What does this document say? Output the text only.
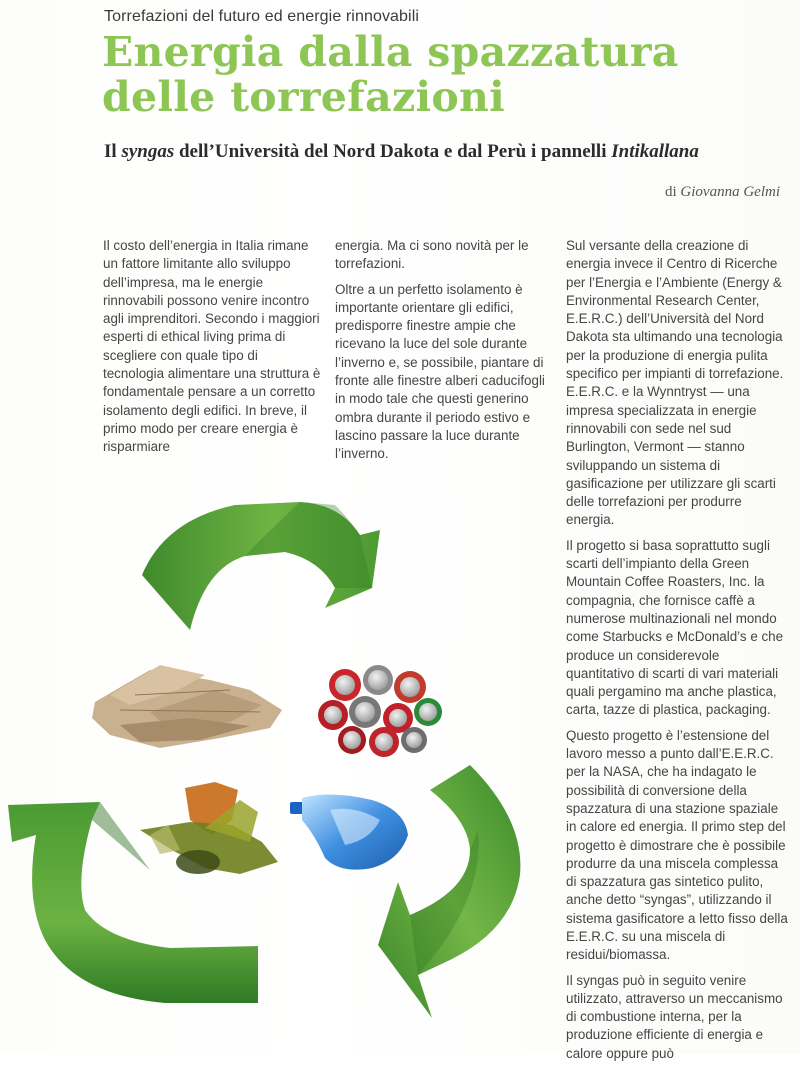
Torrefazioni del futuro ed energie rinnovabili
Energia dalla spazzatura
delle torrefazioni
Il syngas dell’Università del Nord Dakota e dal Perù i pannelli Intikallana
di Giovanna Gelmi

Il costo dell’energia in Italia rimane un fattore limitante allo sviluppo dell’impresa, ma le energie rinnovabili possono venire incontro agli imprenditori. Secondo i maggiori esperti di ethical living prima di scegliere con quale tipo di tecnologia alimentare una struttura è fondamentale pensare a un corretto isolamento degli edifici. In breve, il primo modo per creare energia è risparmiare

energia. Ma ci sono novità per le torrefazioni.

Oltre a un perfetto isolamento è importante orientare gli edifici, predisporre finestre ampie che ricevano la luce del sole durante l’inverno e, se possibile, piantare di fronte alle finestre alberi caducifogli in modo tale che questi generino ombra durante il periodo estivo e lascino passare la luce durante l’inverno.

Sul versante della creazione di energia invece il Centro di Ricerche per l’Energia e l’Ambiente (Energy & Environmental Research Center, E.E.R.C.) dell’Università del Nord Dakota sta ultimando una tecnologia per la produzione di energia pulita specifico per impianti di torrefazione. E.E.R.C. e la Wynntryst — una impresa specializzata in energie rinnovabili con sede nel sud Burlington, Vermont — stanno sviluppando un sistema di gasificazione per utilizzare gli scarti delle torrefazioni per produrre energia.

Il progetto si basa soprattutto sugli scarti dell’impianto della Green Mountain Coffee Roasters, Inc. la compagnia, che fornisce caffè a numerose multinazionali nel mondo come Starbucks e McDonald’s e che produce un considerevole quantitativo di scarti di vari materiali quali pergamino ma anche plastica, carta, tazze di plastica, packaging.

Questo progetto è l’estensione del lavoro messo a punto dall’E.E.R.C. per la NASA, che ha indagato le possibilità di conversione della spazzatura di una stazione spaziale in calore ed energia. Il primo step del progetto è dimostrare che è possibile produrre da una miscela complessa di spazzatura gas sintetico pulito, anche detto “syngas”, utilizzando il sistema gasificatore a letto fisso della E.E.R.C. su una miscela di residui/biomassa.

Il syngas può in seguito venire utilizzato, attraverso un meccanismo di combustione interna, per la produzione efficiente di energia e calore oppure può
